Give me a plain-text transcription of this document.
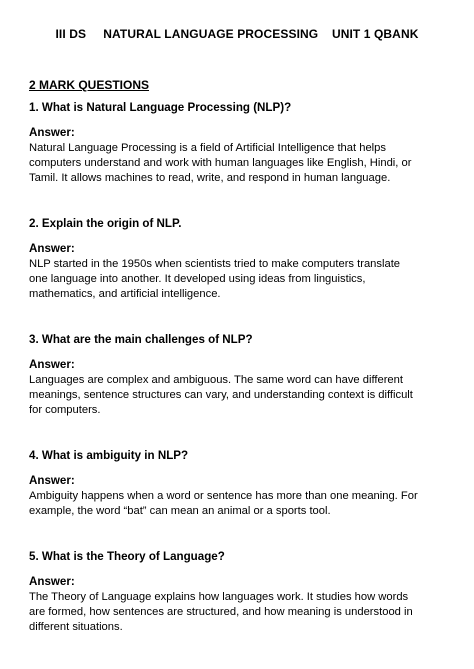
III DS     NATURAL LANGUAGE PROCESSING    UNIT 1 QBANK

2 MARK QUESTIONS

1. What is Natural Language Processing (NLP)?

Answer:

Natural Language Processing is a field of Artificial Intelligence that helps

computers understand and work with human languages like English, Hindi, or

Tamil. It allows machines to read, write, and respond in human language.

2. Explain the origin of NLP.

Answer:

NLP started in the 1950s when scientists tried to make computers translate

one language into another. It developed using ideas from linguistics,

mathematics, and artificial intelligence.

3. What are the main challenges of NLP?

Answer:

Languages are complex and ambiguous. The same word can have different

meanings, sentence structures can vary, and understanding context is difficult

for computers.

4. What is ambiguity in NLP?

Answer:

Ambiguity happens when a word or sentence has more than one meaning. For

example, the word “bat” can mean an animal or a sports tool.

5. What is the Theory of Language?

Answer:

The Theory of Language explains how languages work. It studies how words

are formed, how sentences are structured, and how meaning is understood in

different situations.
